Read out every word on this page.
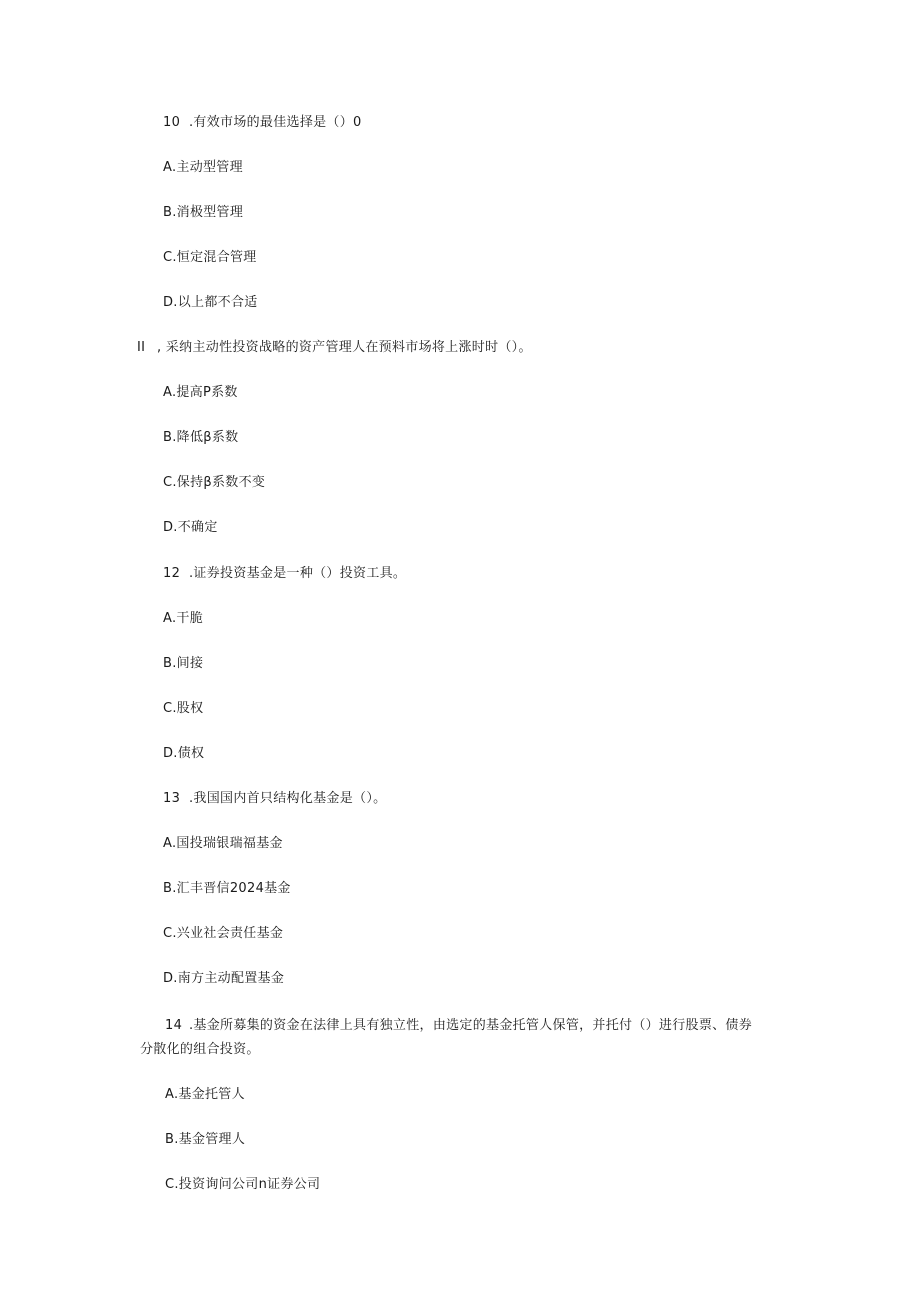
10 .有效市场的最佳选择是（）0
A.主动型管理
B.消极型管理
C.恒定混合管理
D.以上都不合适
II , 采纳主动性投资战略的资产管理人在预料市场将上涨时时（）。
A.提高P系数
B.降低β系数
C.保持β系数不变
D.不确定
12 .证券投资基金是一种（）投资工具。
A.干脆
B.间接
C.股权
D.债权
13 .我国国内首只结构化基金是（）。
A.国投瑞银瑞福基金
B.汇丰晋信2024基金
C.兴业社会责任基金
D.南方主动配置基金
14 .基金所募集的资金在法律上具有独立性，由选定的基金托管人保管，并托付（）进行股票、债券分散化的组合投资。
A.基金托管人
B.基金管理人
C.投资询问公司n证券公司
